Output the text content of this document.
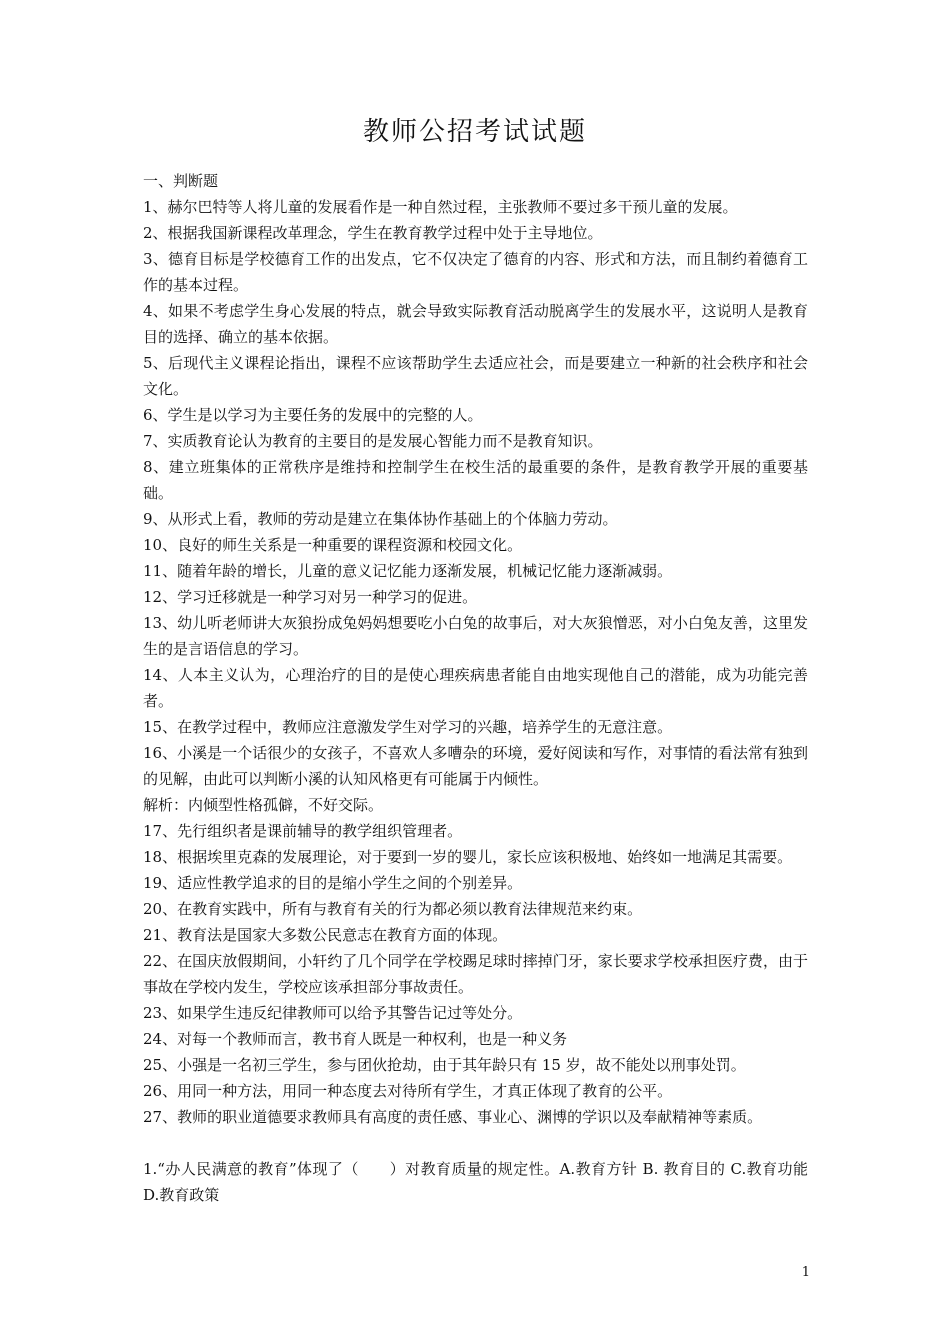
教师公招考试试题

一、判断题

1、赫尔巴特等人将儿童的发展看作是一种自然过程，主张教师不要过多干预儿童的发展。

2、根据我国新课程改革理念，学生在教育教学过程中处于主导地位。

3、德育目标是学校德育工作的出发点，它不仅决定了德育的内容、形式和方法，而且制约着德育工作的基本过程。

4、如果不考虑学生身心发展的特点，就会导致实际教育活动脱离学生的发展水平，这说明人是教育目的选择、确立的基本依据。

5、后现代主义课程论指出，课程不应该帮助学生去适应社会，而是要建立一种新的社会秩序和社会文化。

6、学生是以学习为主要任务的发展中的完整的人。

7、实质教育论认为教育的主要目的是发展心智能力而不是教育知识。

8、建立班集体的正常秩序是维持和控制学生在校生活的最重要的条件，是教育教学开展的重要基础。

9、从形式上看，教师的劳动是建立在集体协作基础上的个体脑力劳动。

10、良好的师生关系是一种重要的课程资源和校园文化。

11、随着年龄的增长，儿童的意义记忆能力逐渐发展，机械记忆能力逐渐减弱。

12、学习迁移就是一种学习对另一种学习的促进。

13、幼儿听老师讲大灰狼扮成兔妈妈想要吃小白兔的故事后，对大灰狼憎恶，对小白兔友善，这里发生的是言语信息的学习。

14、人本主义认为，心理治疗的目的是使心理疾病患者能自由地实现他自己的潜能，成为功能完善者。

15、在教学过程中，教师应注意激发学生对学习的兴趣，培养学生的无意注意。

16、小溪是一个话很少的女孩子，不喜欢人多嘈杂的环境，爱好阅读和写作，对事情的看法常有独到的见解，由此可以判断小溪的认知风格更有可能属于内倾性。

解析：内倾型性格孤僻，不好交际。

17、先行组织者是课前辅导的教学组织管理者。

18、根据埃里克森的发展理论，对于要到一岁的婴儿，家长应该积极地、始终如一地满足其需要。

19、适应性教学追求的目的是缩小学生之间的个别差异。

20、在教育实践中，所有与教育有关的行为都必须以教育法律规范来约束。

21、教育法是国家大多数公民意志在教育方面的体现。

22、在国庆放假期间，小轩约了几个同学在学校踢足球时摔掉门牙，家长要求学校承担医疗费，由于事故在学校内发生，学校应该承担部分事故责任。

23、如果学生违反纪律教师可以给予其警告记过等处分。

24、对每一个教师而言，教书育人既是一种权利，也是一种义务

25、小强是一名初三学生，参与团伙抢劫，由于其年龄只有 15 岁，故不能处以刑事处罚。

26、用同一种方法，用同一种态度去对待所有学生，才真正体现了教育的公平。

27、教师的职业道德要求教师具有高度的责任感、事业心、渊博的学识以及奉献精神等素质。

1.“办人民满意的教育”体现了（　　）对教育质量的规定性。A.教育方针 B. 教育目的 C.教育功能 D.教育政策

1
